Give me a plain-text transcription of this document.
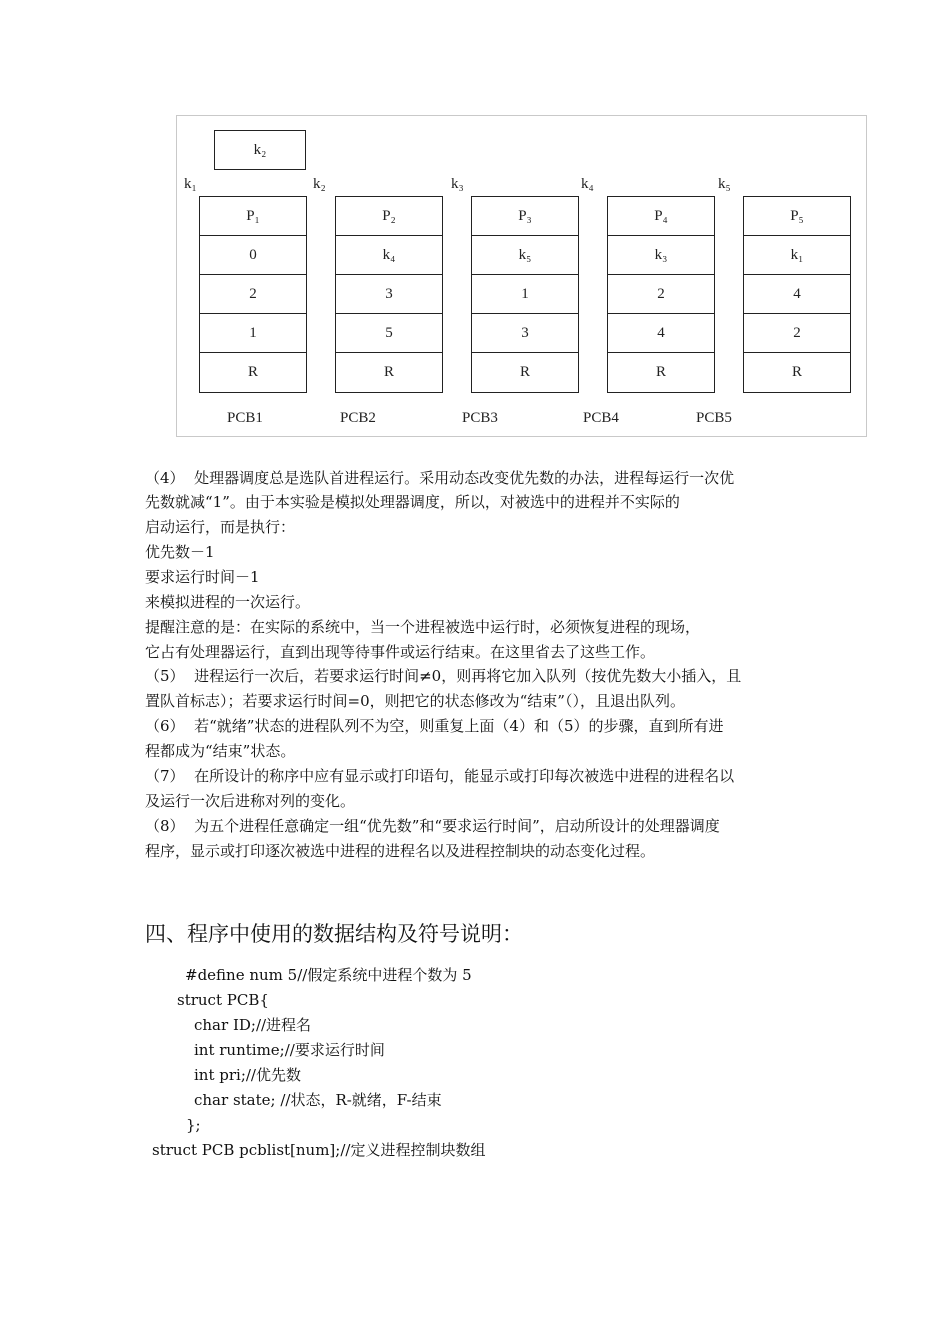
k₂
k₁	k₂	k₃	k₄	k₅
P₁
0
2
1
R
P₂
k₄
3
5
R
P₃
k₅
1
3
R
P₄
k₃
2
4
R
P₅
k₁
4
2
R
PCB1	PCB2	PCB3	PCB4	PCB5
（4）  处理器调度总是选队首进程运行。采用动态改变优先数的办法，进程每运行一次优
先数就减“1”。由于本实验是模拟处理器调度，所以，对被选中的进程并不实际的
启动运行，而是执行：
优先数－1
要求运行时间－1
来模拟进程的一次运行。
提醒注意的是：在实际的系统中，当一个进程被选中运行时，必须恢复进程的现场，
它占有处理器运行，直到出现等待事件或运行结束。在这里省去了这些工作。
（5）  进程运行一次后，若要求运行时间≠0，则再将它加入队列（按优先数大小插入，且
置队首标志）；若要求运行时间=0，则把它的状态修改为“结束”（），且退出队列。
（6）  若“就绪”状态的进程队列不为空，则重复上面（4）和（5）的步骤，直到所有进
程都成为“结束”状态。
（7）  在所设计的称序中应有显示或打印语句，能显示或打印每次被选中进程的进程名以
及运行一次后进称对列的变化。
（8）  为五个进程任意确定一组“优先数”和“要求运行时间”，启动所设计的处理器调度
程序，显示或打印逐次被选中进程的进程名以及进程控制块的动态变化过程。
四、程序中使用的数据结构及符号说明：
#define num 5//假定系统中进程个数为 5
struct PCB{
char ID;//进程名
int runtime;//要求运行时间
int pri;//优先数
char state; //状态，R-就绪，F-结束
};
struct PCB pcblist[num];//定义进程控制块数组
